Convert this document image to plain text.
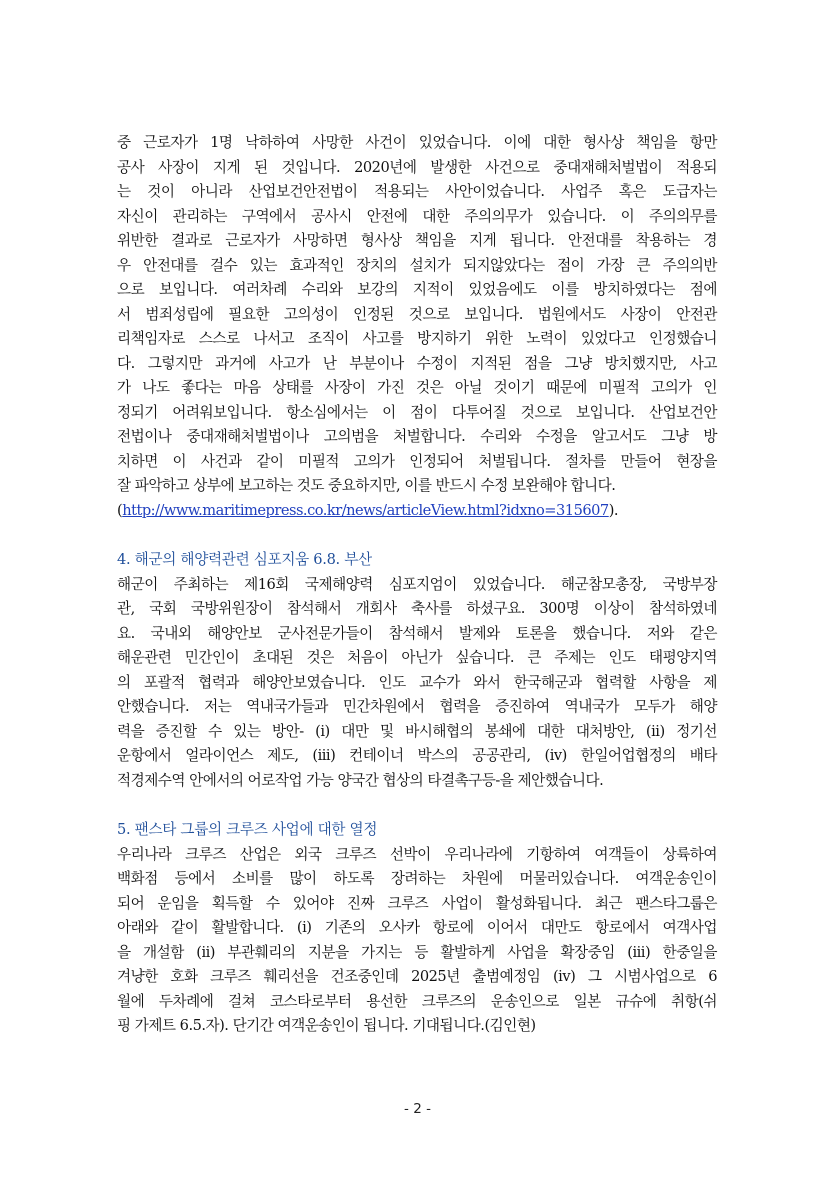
중 근로자가 1명 낙하하여 사망한 사건이 있었습니다. 이에 대한 형사상 책임을 항만
공사 사장이 지게 된 것입니다. 2020년에 발생한 사건으로 중대재해처벌법이 적용되
는 것이 아니라 산업보건안전법이 적용되는 사안이었습니다. 사업주 혹은 도급자는
자신이 관리하는 구역에서 공사시 안전에 대한 주의의무가 있습니다. 이 주의의무를
위반한 결과로 근로자가 사망하면 형사상 책임을 지게 됩니다. 안전대를 착용하는 경
우 안전대를 걸수 있는 효과적인 장치의 설치가 되지않았다는 점이 가장 큰 주의의반
으로 보입니다. 여러차례 수리와 보강의 지적이 있었음에도 이를 방치하였다는 점에
서 범죄성립에 필요한 고의성이 인정된 것으로 보입니다. 법원에서도 사장이 안전관
리책임자로 스스로 나서고 조직이 사고를 방지하기 위한 노력이 있었다고 인정했습니
다. 그렇지만 과거에 사고가 난 부분이나 수정이 지적된 점을 그냥 방치했지만, 사고
가 나도 좋다는 마음 상태를 사장이 가진 것은 아닐 것이기 때문에 미필적 고의가 인
정되기 어려워보입니다. 항소심에서는 이 점이 다투어질 것으로 보입니다. 산업보건안
전법이나 중대재해처벌법이나 고의범을 처벌합니다. 수리와 수정을 알고서도 그냥 방
치하면 이 사건과 같이 미필적 고의가 인정되어 처벌됩니다. 절차를 만들어 현장을
잘 파악하고 상부에 보고하는 것도 중요하지만, 이를 반드시 수정 보완해야 합니다.
(http://www.maritimepress.co.kr/news/articleView.html?idxno=315607).
4. 해군의 해양력관련 심포지움 6.8. 부산
해군이 주최하는 제16회 국제해양력 심포지엄이 있었습니다. 해군참모총장, 국방부장
관, 국회 국방위원장이 참석해서 개회사 축사를 하셨구요. 300명 이상이 참석하였네
요. 국내외 해양안보 군사전문가들이 참석해서 발제와 토론을 했습니다. 저와 같은
해운관련 민간인이 초대된 것은 처음이 아닌가 싶습니다. 큰 주제는 인도 태평양지역
의 포괄적 협력과 해양안보였습니다. 인도 교수가 와서 한국해군과 협력할 사항을 제
안했습니다. 저는 역내국가들과 민간차원에서 협력을 증진하여 역내국가 모두가 해양
력을 증진할 수 있는 방안- (i) 대만 및 바시해협의 봉쇄에 대한 대처방안, (ii) 정기선
운항에서 얼라이언스 제도, (iii) 컨테이너 박스의 공공관리, (iv) 한일어업협정의 배타
적경제수역 안에서의 어로작업 가능 양국간 협상의 타결촉구등-을 제안했습니다.
5. 팬스타 그룹의 크루즈 사업에 대한 열정
우리나라 크루즈 산업은 외국 크루즈 선박이 우리나라에 기항하여 여객들이 상륙하여
백화점 등에서 소비를 많이 하도록 장려하는 차원에 머물러있습니다. 여객운송인이
되어 운임을 획득할 수 있어야 진짜 크루즈 사업이 활성화됩니다. 최근 팬스타그룹은
아래와 같이 활발합니다. (i) 기존의 오사카 항로에 이어서 대만도 항로에서 여객사업
을 개설함 (ii) 부관훼리의 지분을 가지는 등 활발하게 사업을 확장중임 (iii) 한중일을
겨냥한 호화 크루즈 훼리선을 건조중인데 2025년 출범예정임 (iv) 그 시범사업으로 6
월에 두차례에 걸쳐 코스타로부터 용선한 크루즈의 운송인으로 일본 규슈에 취항(쉬
핑 가제트 6.5.자). 단기간 여객운송인이 됩니다. 기대됩니다.(김인현)
- 2 -
